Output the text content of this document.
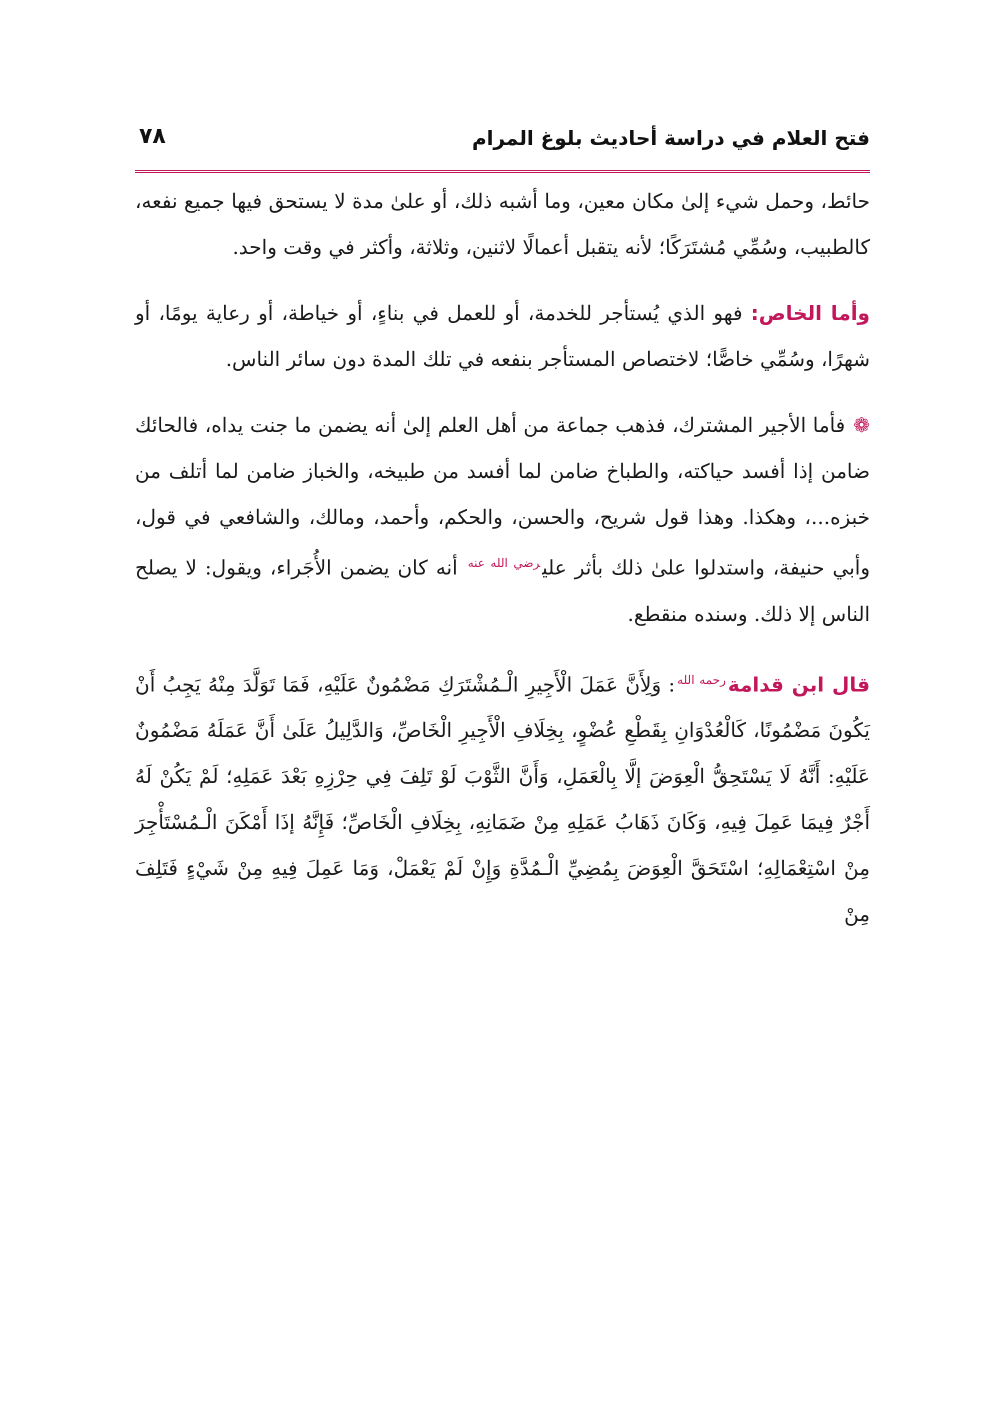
فتح العلام في دراسة أحاديث بلوغ المرام
٧٨

حائط، وحمل شيء إلىٰ مكان معين، وما أشبه ذلك، أو علىٰ مدة لا يستحق فيها جميع نفعه، كالطبيب، وسُمِّي مُشتَرَكًا؛ لأنه يتقبل أعمالًا لاثنين، وثلاثة، وأكثر في وقت واحد.

وأما الخاص: فهو الذي يُستأجر للخدمة، أو للعمل في بناءٍ، أو خياطة، أو رعاية يومًا، أو شهرًا، وسُمِّي خاصًّا؛ لاختصاص المستأجر بنفعه في تلك المدة دون سائر الناس.

❁فأما الأجير المشترك، فذهب جماعة من أهل العلم إلىٰ أنه يضمن ما جنت يداه، فالحائك ضامن إذا أفسد حياكته، والطباخ ضامن لما أفسد من طبيخه، والخباز ضامن لما أتلف من خبزه...، وهكذا. وهذا قول شريح، والحسن، والحكم، وأحمد، ومالك، والشافعي في قول، وأبي حنيفة، واستدلوا علىٰ ذلك بأثر علي$^{رضي الله عنه}$ أنه كان يضمن الأُجَراء، ويقول: لا يصلح الناس إلا ذلك. وسنده منقطع.

قال ابن قدامة$^{رحمه الله}$: وَلِأَنَّ عَمَلَ الْأَجِيرِ الْـمُشْتَرَكِ مَضْمُونٌ عَلَيْهِ، فَمَا تَوَلَّدَ مِنْهُ يَجِبُ أَنْ يَكُونَ مَضْمُونًا، كَالْعُدْوَانِ بِقَطْعِ عُضْوٍ، بِخِلَافِ الْأَجِيرِ الْخَاصِّ، وَالدَّلِيلُ عَلَىٰ أَنَّ عَمَلَهُ مَضْمُونٌ عَلَيْهِ: أَنَّهُ لَا يَسْتَحِقُّ الْعِوَضَ إلَّا بِالْعَمَلِ، وَأَنَّ الثَّوْبَ لَوْ تَلِفَ فِي حِرْزِهِ بَعْدَ عَمَلِهِ؛ لَمْ يَكُنْ لَهُ أَجْرٌ فِيمَا عَمِلَ فِيهِ، وَكَانَ ذَهَابُ عَمَلِهِ مِنْ ضَمَانِهِ، بِخِلَافِ الْخَاصِّ؛ فَإِنَّهُ إذَا أَمْكَنَ الْـمُسْتَأْجِرَ مِنْ اسْتِعْمَالِهِ؛ اسْتَحَقَّ الْعِوَضَ بِمُضِيِّ الْـمُدَّةِ وَإِنْ لَمْ يَعْمَلْ، وَمَا عَمِلَ فِيهِ مِنْ شَيْءٍ فَتَلِفَ مِنْ
